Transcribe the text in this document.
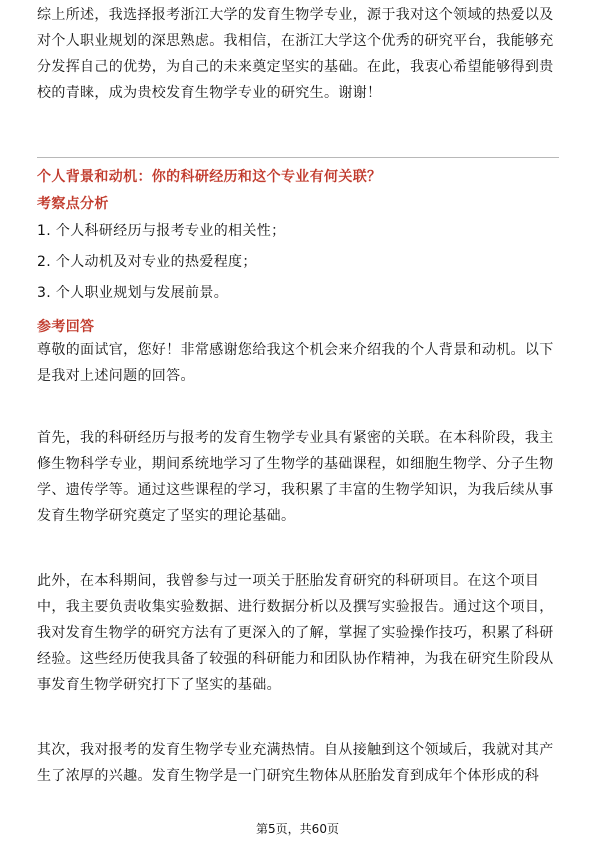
综上所述，我选择报考浙江大学的发育生物学专业，源于我对这个领域的热爱以及
对个人职业规划的深思熟虑。我相信，在浙江大学这个优秀的研究平台，我能够充
分发挥自己的优势，为自己的未来奠定坚实的基础。在此，我衷心希望能够得到贵
校的青睐，成为贵校发育生物学专业的研究生。谢谢！

个人背景和动机：你的科研经历和这个专业有何关联？

考察点分析

1. 个人科研经历与报考专业的相关性；

2. 个人动机及对专业的热爱程度；

3. 个人职业规划与发展前景。

参考回答

尊敬的面试官，您好！非常感谢您给我这个机会来介绍我的个人背景和动机。以下
是我对上述问题的回答。

首先，我的科研经历与报考的发育生物学专业具有紧密的关联。在本科阶段，我主
修生物科学专业，期间系统地学习了生物学的基础课程，如细胞生物学、分子生物
学、遗传学等。通过这些课程的学习，我积累了丰富的生物学知识，为我后续从事
发育生物学研究奠定了坚实的理论基础。

此外，在本科期间，我曾参与过一项关于胚胎发育研究的科研项目。在这个项目
中，我主要负责收集实验数据、进行数据分析以及撰写实验报告。通过这个项目，
我对发育生物学的研究方法有了更深入的了解，掌握了实验操作技巧，积累了科研
经验。这些经历使我具备了较强的科研能力和团队协作精神，为我在研究生阶段从
事发育生物学研究打下了坚实的基础。

其次，我对报考的发育生物学专业充满热情。自从接触到这个领域后，我就对其产
生了浓厚的兴趣。发育生物学是一门研究生物体从胚胎发育到成年个体形成的科

第5页，共60页
